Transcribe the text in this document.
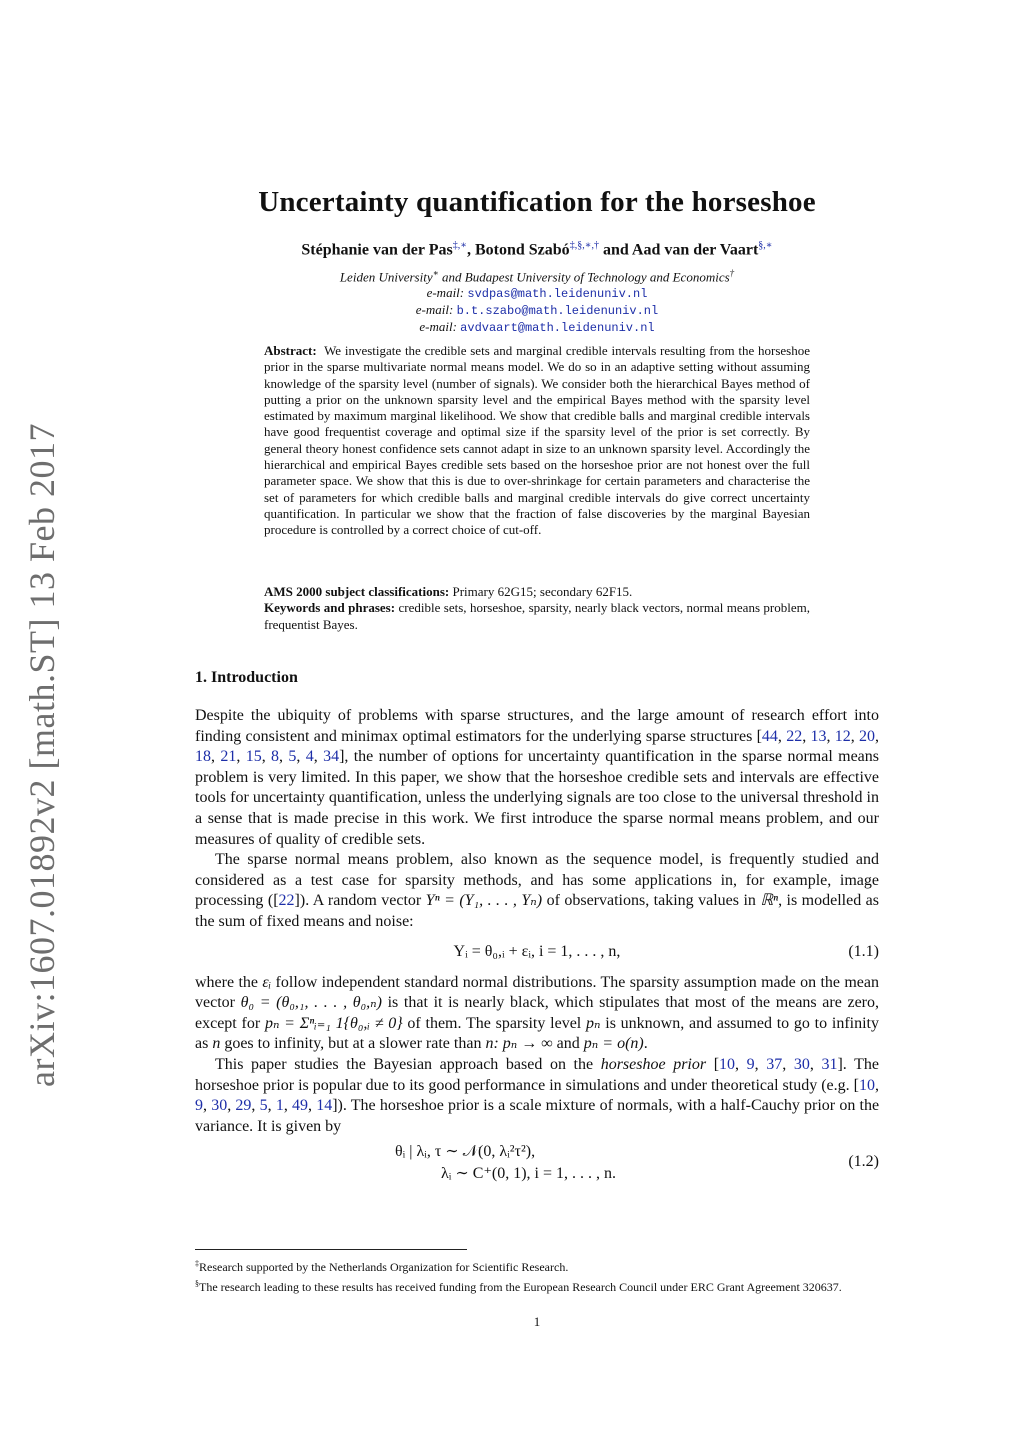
arXiv:1607.01892v2 [math.ST] 13 Feb 2017
Uncertainty quantification for the horseshoe
Stéphanie van der Pas‡,∗, Botond Szabó‡,§,∗,† and Aad van der Vaart§,∗
Leiden University∗ and Budapest University of Technology and Economics†
e-mail: svdpas@math.leidenuniv.nl
e-mail: b.t.szabo@math.leidenuniv.nl
e-mail: avdvaart@math.leidenuniv.nl

Abstract: We investigate the credible sets and marginal credible intervals resulting from the horseshoe prior in the sparse multivariate normal means model. We do so in an adaptive setting without assuming knowledge of the sparsity level (number of signals). We consider both the hierarchical Bayes method of putting a prior on the unknown sparsity level and the empirical Bayes method with the sparsity level estimated by maximum marginal likelihood. We show that credible balls and marginal credible intervals have good frequentist coverage and optimal size if the sparsity level of the prior is set correctly. By general theory honest confidence sets cannot adapt in size to an unknown sparsity level. Accordingly the hierarchical and empirical Bayes credible sets based on the horseshoe prior are not honest over the full parameter space. We show that this is due to over-shrinkage for certain parameters and characterise the set of parameters for which credible balls and marginal credible intervals do give correct uncertainty quantification. In particular we show that the fraction of false discoveries by the marginal Bayesian procedure is controlled by a correct choice of cut-off.

AMS 2000 subject classifications: Primary 62G15; secondary 62F15.

Keywords and phrases: credible sets, horseshoe, sparsity, nearly black vectors, normal means problem, frequentist Bayes.

1. Introduction

Despite the ubiquity of problems with sparse structures, and the large amount of research effort into finding consistent and minimax optimal estimators for the underlying sparse structures [44, 22, 13, 12, 20, 18, 21, 15, 8, 5, 4, 34], the number of options for uncertainty quantification in the sparse normal means problem is very limited. In this paper, we show that the horseshoe credible sets and intervals are effective tools for uncertainty quantification, unless the underlying signals are too close to the universal threshold in a sense that is made precise in this work. We first introduce the sparse normal means problem, and our measures of quality of credible sets.

The sparse normal means problem, also known as the sequence model, is frequently studied and considered as a test case for sparsity methods, and has some applications in, for example, image processing ([22]). A random vector Yⁿ = (Y₁, . . . , Yₙ) of observations, taking values in ℝⁿ, is modelled as the sum of fixed means and noise:

Yᵢ = θ₀,ᵢ + εᵢ, i = 1, . . . , n,	(1.1)

where the εᵢ follow independent standard normal distributions. The sparsity assumption made on the mean vector θ₀ = (θ₀,₁, . . . , θ₀,ₙ) is that it is nearly black, which stipulates that most of the means are zero, except for pₙ = Σⁿᵢ₌₁ 1{θ₀,ᵢ ≠ 0} of them. The sparsity level pₙ is unknown, and assumed to go to infinity as n goes to infinity, but at a slower rate than n: pₙ → ∞ and pₙ = o(n).

This paper studies the Bayesian approach based on the horseshoe prior [10, 9, 37, 30, 31]. The horseshoe prior is popular due to its good performance in simulations and under theoretical study (e.g. [10, 9, 30, 29, 5, 1, 49, 14]). The horseshoe prior is a scale mixture of normals, with a half-Cauchy prior on the variance. It is given by

θᵢ | λᵢ, τ ∼ 𝒩(0, λᵢ²τ²),
λᵢ ∼ C⁺(0, 1), i = 1, . . . , n.
(1.2)

‡Research supported by the Netherlands Organization for Scientific Research.

§The research leading to these results has received funding from the European Research Council under ERC Grant Agreement 320637.

1
